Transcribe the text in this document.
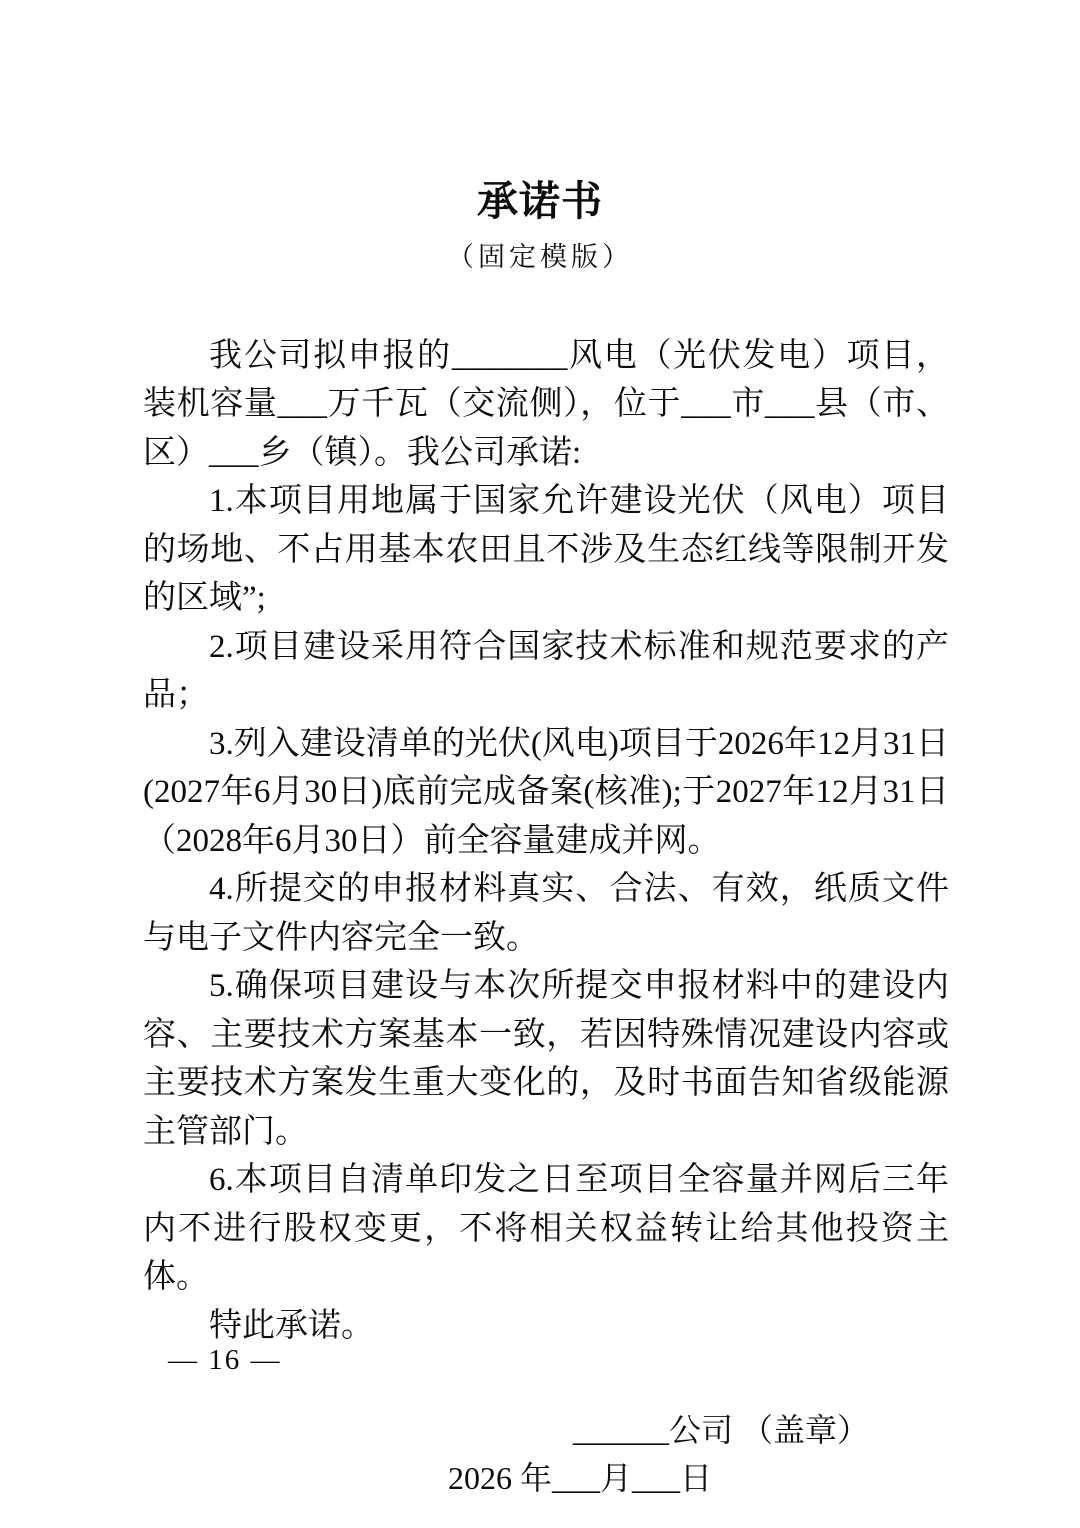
承诺书
（固定模版）

我公司拟申报的_______风电（光伏发电）项目，装机容量___万千瓦（交流侧），位于___市___县（市、区）___乡（镇）。我公司承诺:

1.本项目用地属于国家允许建设光伏（风电）项目的场地、不占用基本农田且不涉及生态红线等限制开发的区域”;

2.项目建设采用符合国家技术标准和规范要求的产品；

3.列入建设清单的光伏(风电)项目于2026年12月31日(2027年6月30日)底前完成备案(核准);于2027年12月31日（2028年6月30日）前全容量建成并网。

4.所提交的申报材料真实、合法、有效，纸质文件与电子文件内容完全一致。

5.确保项目建设与本次所提交申报材料中的建设内容、主要技术方案基本一致，若因特殊情况建设内容或主要技术方案发生重大变化的，及时书面告知省级能源主管部门。

6.本项目自清单印发之日至项目全容量并网后三年内不进行股权变更，不将相关权益转让给其他投资主体。

特此承诺。

______公司 （盖章）
2026 年___月___日
— 16 —
